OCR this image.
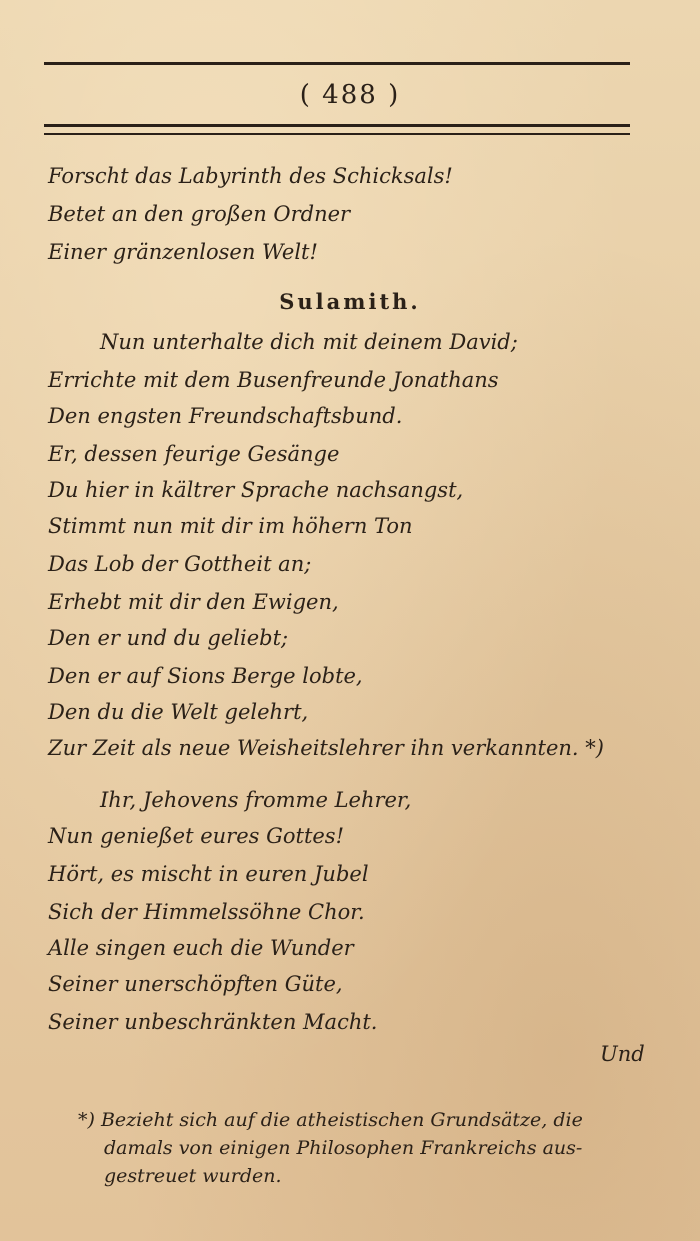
( 488 )
Forscht das Labyrinth des Schicksals!
Betet an den großen Ordner
Einer gränzenlosen Welt!
Sulamith.
Nun unterhalte dich mit deinem David;
Errichte mit dem Busenfreunde Jonathans
Den engsten Freundschaftsbund.
Er, dessen feurige Gesänge
Du hier in kältrer Sprache nachsangst,
Stimmt nun mit dir im höhern Ton
Das Lob der Gottheit an;
Erhebt mit dir den Ewigen,
Den er und du geliebt;
Den er auf Sions Berge lobte,
Den du die Welt gelehrt,
Zur Zeit als neue Weisheitslehrer ihn verkannten. *)
Ihr, Jehovens fromme Lehrer,
Nun genießet eures Gottes!
Hört, es mischt in euren Jubel
Sich der Himmelssöhne Chor.
Alle singen euch die Wunder
Seiner unerschöpften Güte,
Seiner unbeschränkten Macht.
Und
*) Bezieht sich auf die atheistischen Grundsätze, die
damals von einigen Philosophen Frankreichs aus-
gestreuet wurden.
